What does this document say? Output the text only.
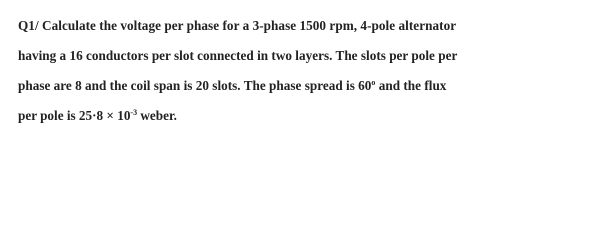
Q1/ Calculate the voltage per phase for a 3-phase 1500 rpm, 4-pole alternator
having a 16 conductors per slot connected in two layers. The slots per pole per
phase are 8 and the coil span is 20 slots. The phase spread is 60$^o$ and the flux
per pole is $25\cdot 8 \times 10^{-3}$ weber.
